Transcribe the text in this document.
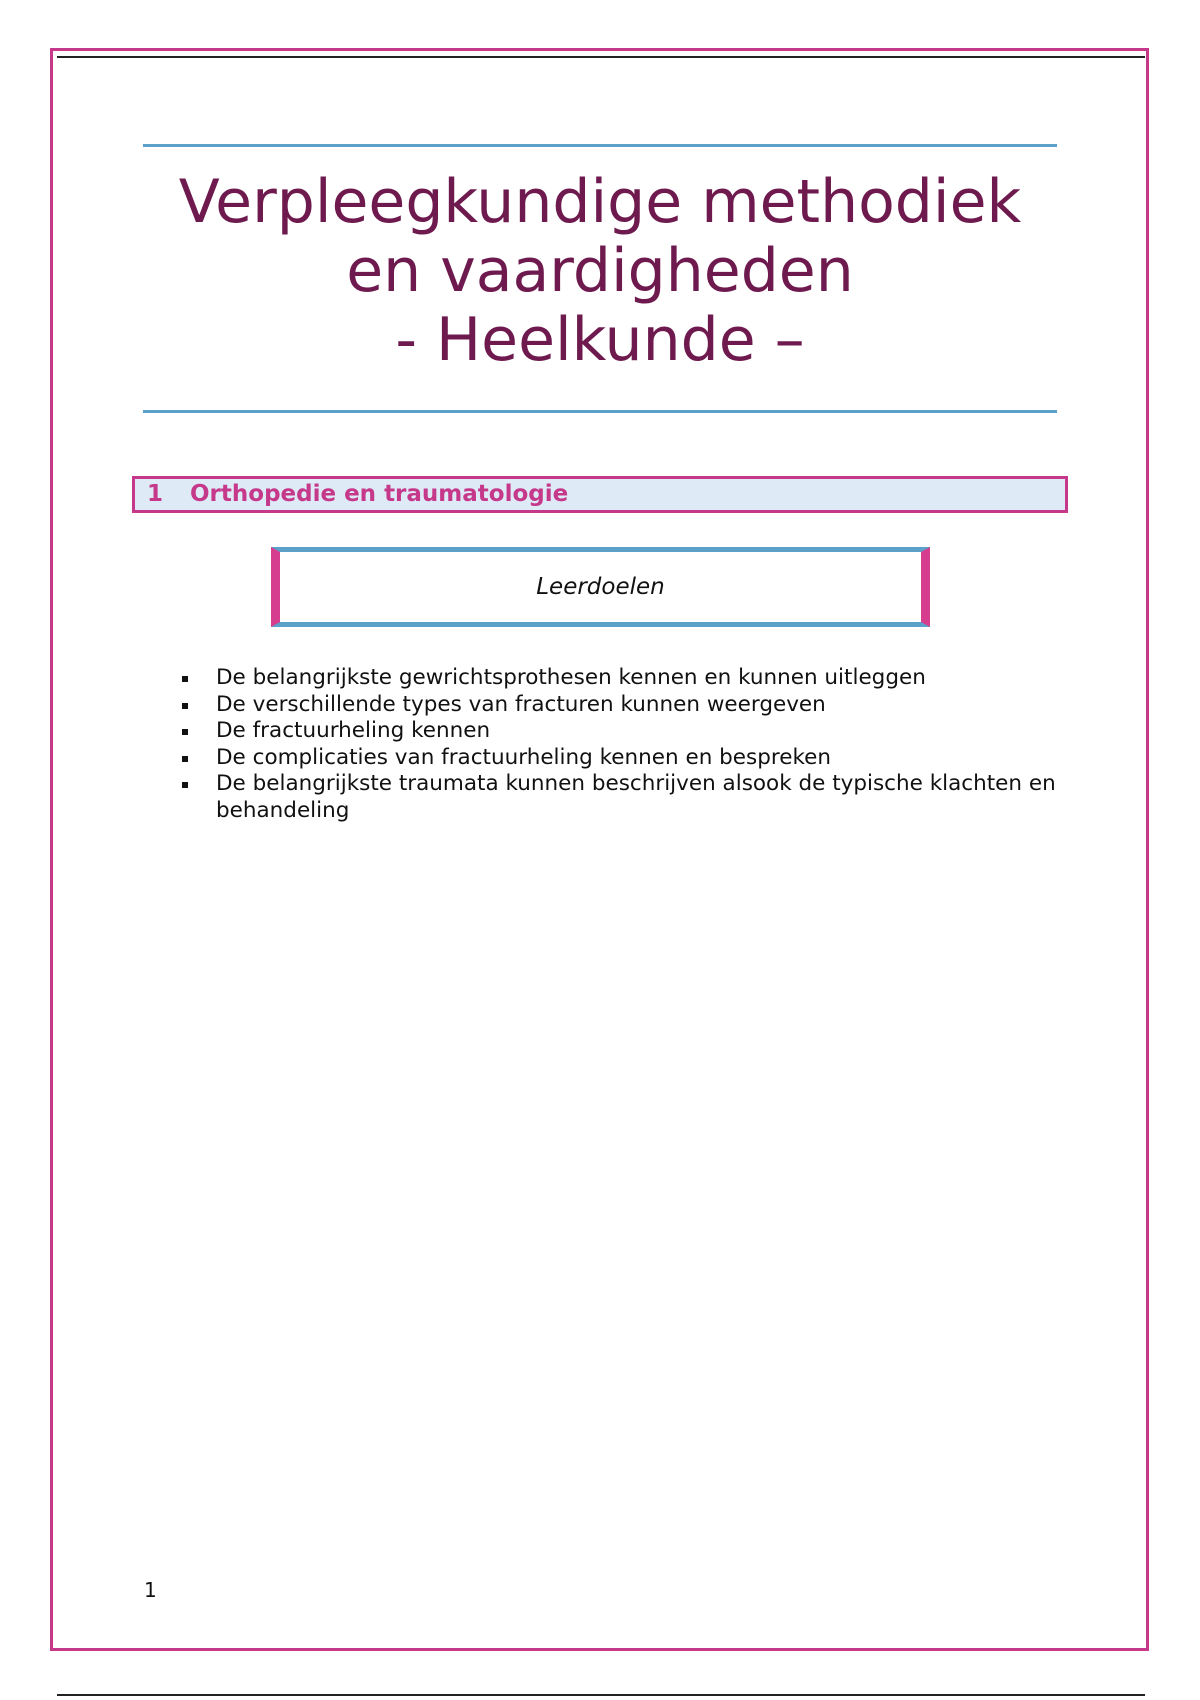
Verpleegkundige methodiek
en vaardigheden
- Heelkunde –
1 Orthopedie en traumatologie
Leerdoelen
De belangrijkste gewrichtsprothesen kennen en kunnen uitleggen
De verschillende types van fracturen kunnen weergeven
De fractuurheling kennen
De complicaties van fractuurheling kennen en bespreken
De belangrijkste traumata kunnen beschrijven alsook de typische klachten en behandeling
1
